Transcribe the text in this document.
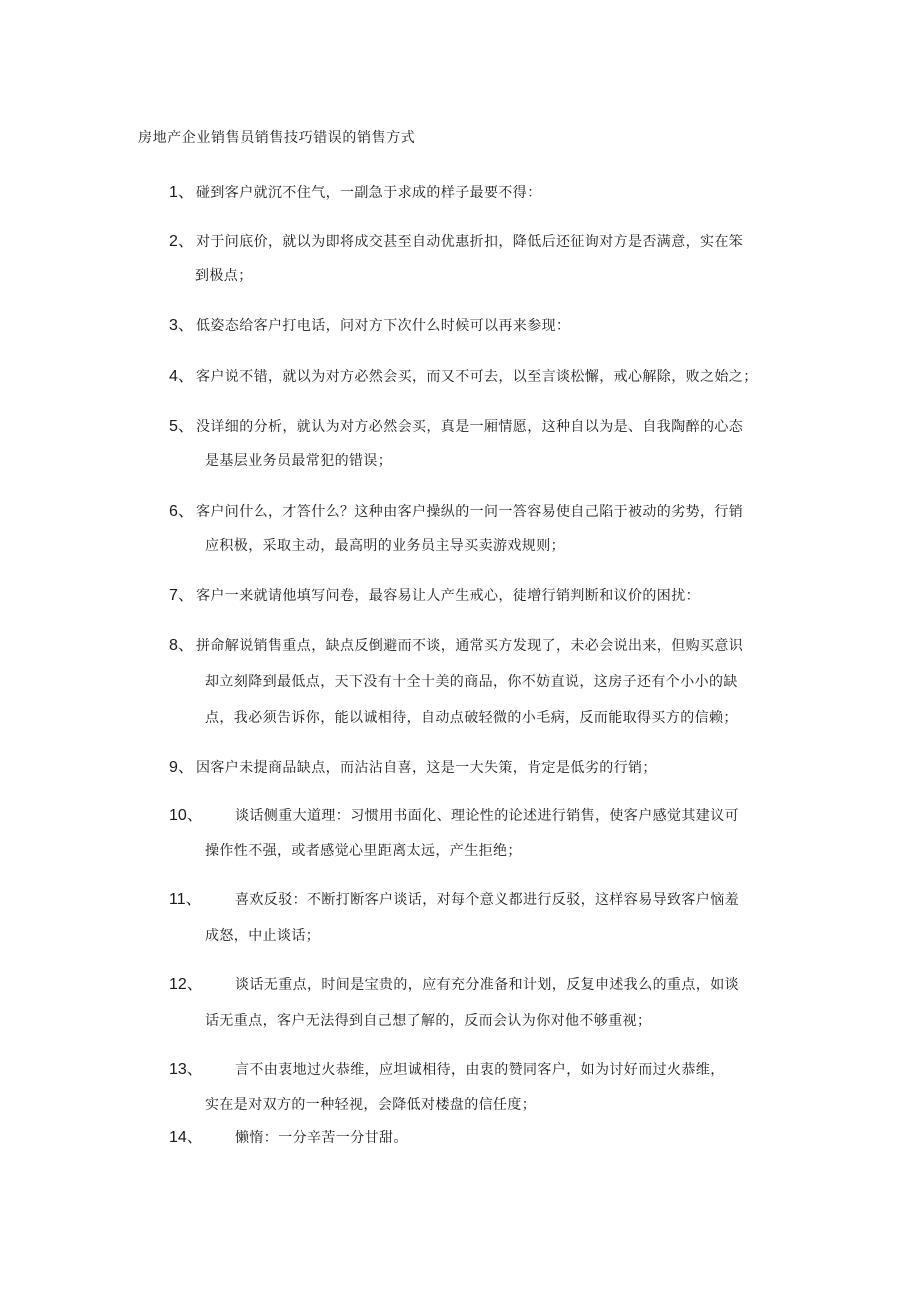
房地产企业销售员销售技巧错误的销售方式
1、 碰到客户就沉不住气，一副急于求成的样子最要不得：
2、 对于问底价，就以为即将成交甚至自动优惠折扣，降低后还征询对方是否满意，实在笨
到极点；
3、 低姿态给客户打电话，问对方下次什么时候可以再来参现：
4、 客户说不错，就以为对方必然会买，而又不可去，以至言谈松懈，戒心解除，败之始之；
5、 没详细的分析，就认为对方必然会买，真是一厢情愿，这种自以为是、自我陶醉的心态
是基层业务员最常犯的错误；
6、 客户问什么，才答什么？这种由客户操纵的一问一答容易使自己陷于被动的劣势，行销
应积极，采取主动，最高明的业务员主导买卖游戏规则；
7、 客户一来就请他填写问卷，最容易让人产生戒心，徒增行销判断和议价的困扰：
8、 拼命解说销售重点，缺点反倒避而不谈，通常买方发现了，未必会说出来，但购买意识
却立刻降到最低点，天下没有十全十美的商品，你不妨直说，这房子还有个小小的缺
点，我必须告诉你，能以诚相待，自动点破轻微的小毛病，反而能取得买方的信赖；
9、 因客户未提商品缺点，而沾沾自喜，这是一大失策，肯定是低劣的行销；
10、 谈话侧重大道理：习惯用书面化、理论性的论述进行销售，使客户感觉其建议可
操作性不强，或者感觉心里距离太远，产生拒绝；
11、 喜欢反驳：不断打断客户谈话，对每个意义都进行反驳，这样容易导致客户恼羞
成怒，中止谈话；
12、 谈话无重点，时间是宝贵的，应有充分准备和计划，反复申述我么的重点，如谈
话无重点，客户无法得到自己想了解的，反而会认为你对他不够重视；
13、 言不由衷地过火恭维，应坦诚相待，由衷的赞同客户，如为讨好而过火恭维，
实在是对双方的一种轻视，会降低对楼盘的信任度；
14、 懒惰：一分辛苦一分甘甜。
